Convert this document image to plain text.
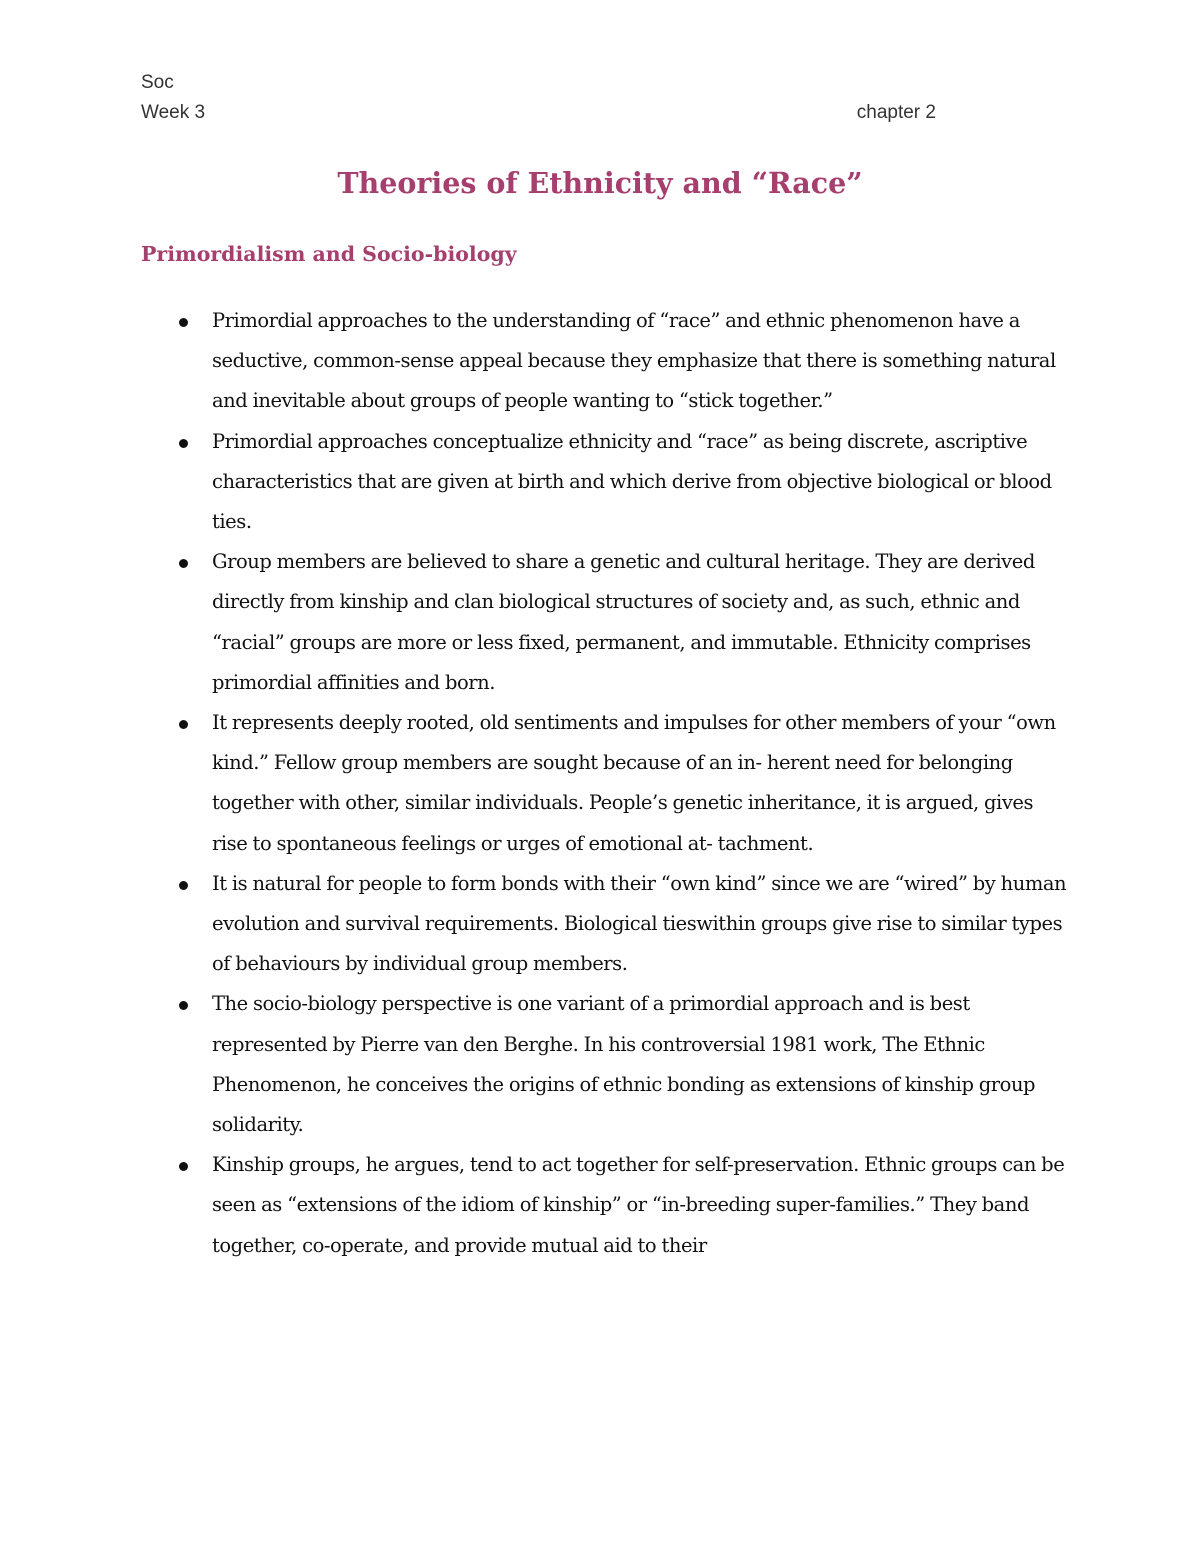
Soc
Week 3	chapter 2
Theories of Ethnicity and “Race”
Primordialism and Socio-biology
Primordial approaches to the understanding of “race” and ethnic phenomenon have a seductive, common-sense appeal because they emphasize that there is something natural and inevitable about groups of people wanting to “stick together.”
Primordial approaches conceptualize ethnicity and “race” as being discrete, ascriptive characteristics that are given at birth and which derive from objective biological or blood ties.
Group members are believed to share a genetic and cultural heritage. They are derived directly from kinship and clan biological structures of society and, as such, ethnic and “racial” groups are more or less fixed, permanent, and immutable. Ethnicity comprises primordial affinities and born.
It represents deeply rooted, old sentiments and impulses for other members of your “own kind.” Fellow group members are sought because of an in- herent need for belonging together with other, similar individuals. People’s genetic inheritance, it is argued, gives rise to spontaneous feelings or urges of emotional at- tachment.
It is natural for people to form bonds with their “own kind” since we are “wired” by human evolution and survival requirements. Biological tieswithin groups give rise to similar types of behaviours by individual group members.
The socio-biology perspective is one variant of a primordial approach and is best represented by Pierre van den Berghe. In his controversial 1981 work, The Ethnic Phenomenon, he conceives the origins of ethnic bonding as extensions of kinship group solidarity.
Kinship groups, he argues, tend to act together for self-preservation. Ethnic groups can be seen as “extensions of the idiom of kinship” or “in-breeding super-families.” They band together, co-operate, and provide mutual aid to their
